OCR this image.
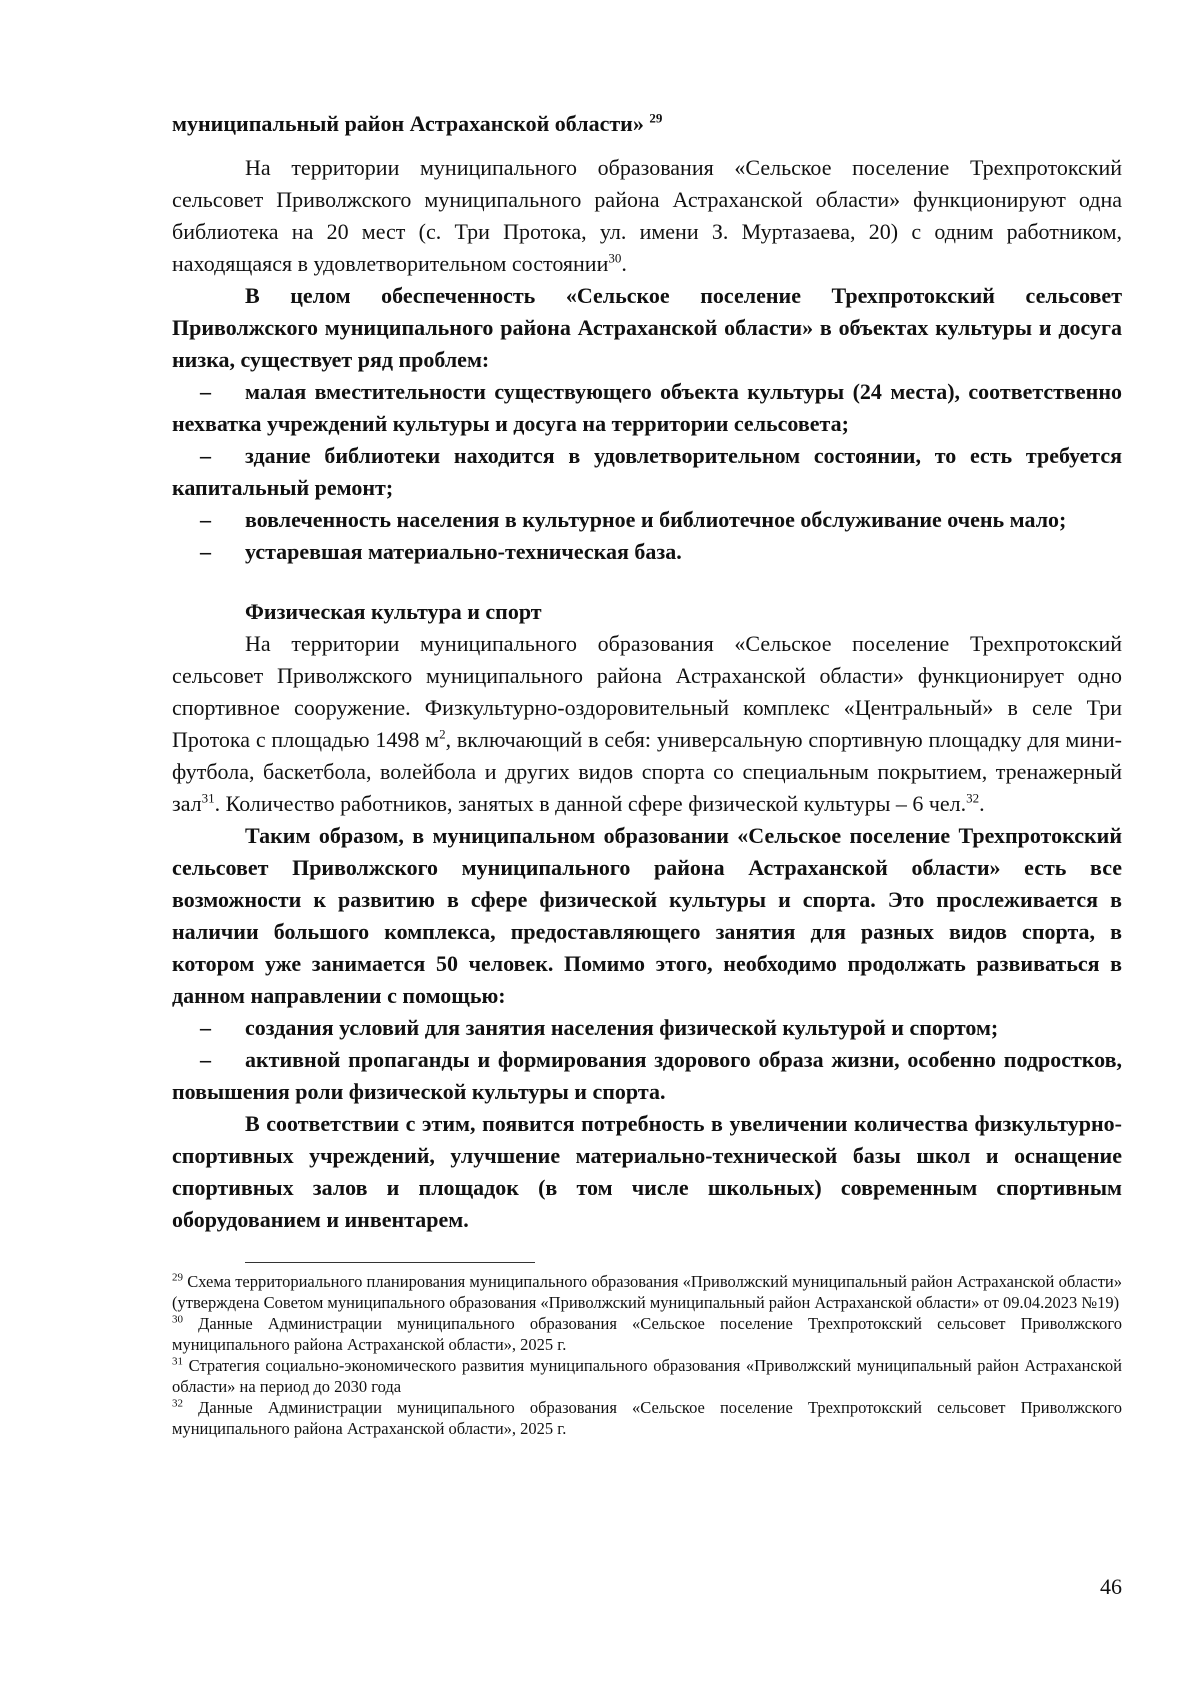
муниципальный район Астраханской области» $^{29}$

На территории муниципального образования «Сельское поселение Трехпротокский сельсовет Приволжского муниципального района Астраханской области» функционируют одна библиотека на 20 мест (с. Три Протока, ул. имени З. Муртазаева, 20) с одним работником, находящаяся в удовлетворительном состоянии$^{30}$.

В целом обеспеченность «Сельское поселение Трехпротокский сельсовет Приволжского муниципального района Астраханской области» в объектах культуры и досуга низка, существует ряд проблем:

– малая вместительности существующего объекта культуры (24 места), соответственно нехватка учреждений культуры и досуга на территории сельсовета;

– здание библиотеки находится в удовлетворительном состоянии, то есть требуется капитальный ремонт;

– вовлеченность населения в культурное и библиотечное обслуживание очень мало;

– устаревшая материально-техническая база.

Физическая культура и спорт

На территории муниципального образования «Сельское поселение Трехпротокский сельсовет Приволжского муниципального района Астраханской области» функционирует одно спортивное сооружение. Физкультурно-оздоровительный комплекс «Центральный» в селе Три Протока с площадью 1498 $м^2$, включающий в себя: универсальную спортивную площадку для мини-футбола, баскетбола, волейбола и других видов спорта со специальным покрытием, тренажерный зал$^{31}$. Количество работников, занятых в данной сфере физической культуры – 6 чел.$^{32}$.

Таким образом, в муниципальном образовании «Сельское поселение Трехпротокский сельсовет Приволжского муниципального района Астраханской области» есть все возможности к развитию в сфере физической культуры и спорта. Это прослеживается в наличии большого комплекса, предоставляющего занятия для разных видов спорта, в котором уже занимается 50 человек. Помимо этого, необходимо продолжать развиваться в данном направлении с помощью:

– создания условий для занятия населения физической культурой и спортом;

– активной пропаганды и формирования здорового образа жизни, особенно подростков, повышения роли физической культуры и спорта.

В соответствии с этим, появится потребность в увеличении количества физкультурно-спортивных учреждений, улучшение материально-технической базы школ и оснащение спортивных залов и площадок (в том числе школьных) современным спортивным оборудованием и инвентарем.

$^{29}$ Схема территориального планирования муниципального образования «Приволжский муниципальный район Астраханской области» (утверждена Советом муниципального образования «Приволжский муниципальный район Астраханской области» от 09.04.2023 №19)

$^{30}$ Данные Администрации муниципального образования «Сельское поселение Трехпротокский сельсовет Приволжского муниципального района Астраханской области», 2025 г.

$^{31}$ Стратегия социально-экономического развития муниципального образования «Приволжский муниципальный район Астраханской области» на период до 2030 года

$^{32}$ Данные Администрации муниципального образования «Сельское поселение Трехпротокский сельсовет Приволжского муниципального района Астраханской области», 2025 г.

46
